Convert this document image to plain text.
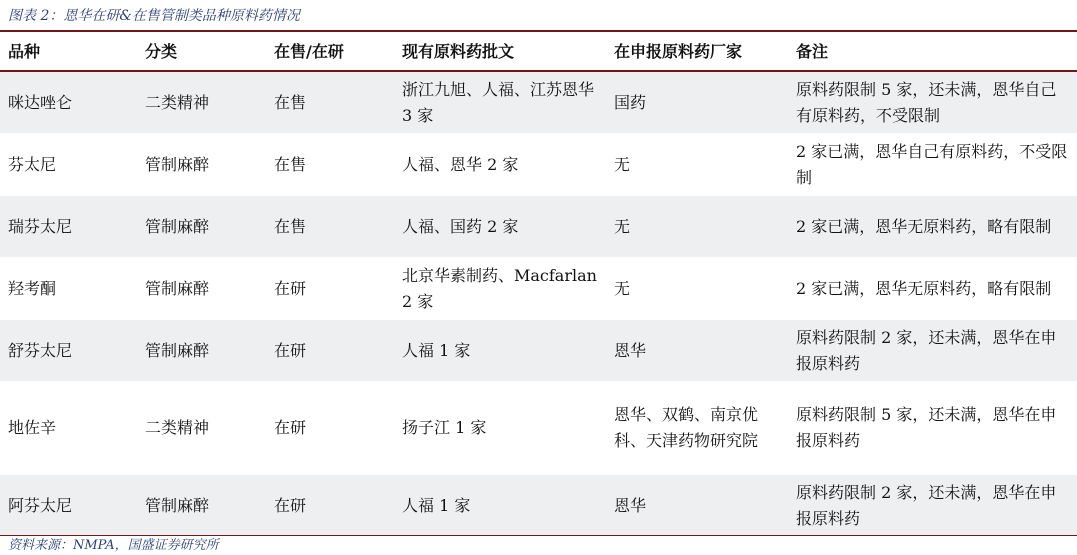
图表 2：恩华在研&在售管制类品种原料药情况
品种	分类	在售/在研	现有原料药批文	在申报原料药厂家	备注
咪达唑仑	二类精神	在售	浙江九旭、人福、江苏恩华 3 家	国药	原料药限制 5 家，还未满，恩华自己有原料药，不受限制
芬太尼	管制麻醉	在售	人福、恩华 2 家	无	2 家已满，恩华自己有原料药，不受限制
瑞芬太尼	管制麻醉	在售	人福、国药 2 家	无	2 家已满，恩华无原料药，略有限制
羟考酮	管制麻醉	在研	北京华素制药、Macfarlan 2 家	无	2 家已满，恩华无原料药，略有限制
舒芬太尼	管制麻醉	在研	人福 1 家	恩华	原料药限制 2 家，还未满，恩华在申报原料药
地佐辛	二类精神	在研	扬子江 1 家	恩华、双鹤、南京优科、天津药物研究院	原料药限制 5 家，还未满，恩华在申报原料药
阿芬太尼	管制麻醉	在研	人福 1 家	恩华	原料药限制 2 家，还未满，恩华在申报原料药
资料来源：NMPA，国盛证券研究所
